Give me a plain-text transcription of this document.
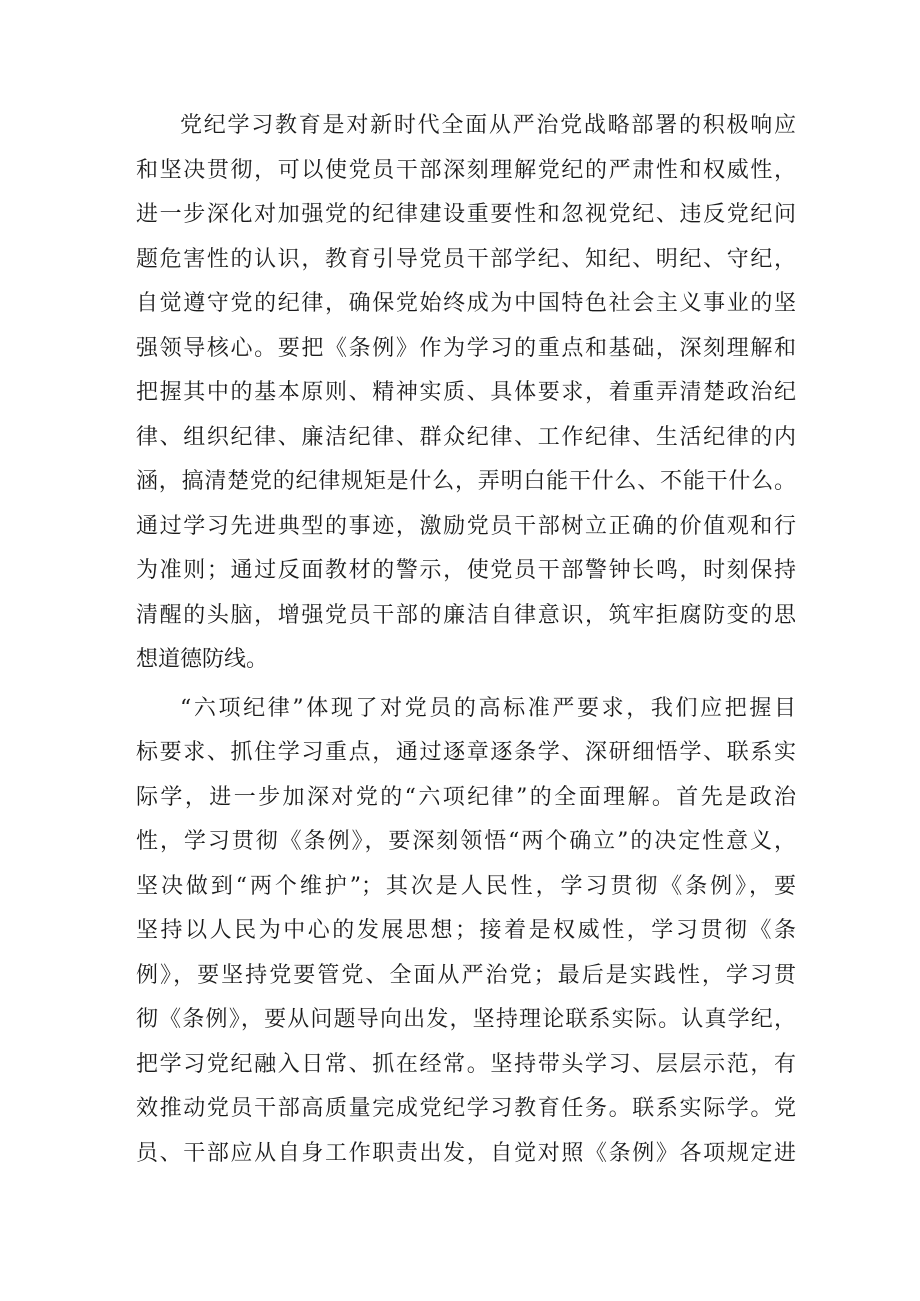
党纪学习教育是对新时代全面从严治党战略部署的积极响应
和坚决贯彻，可以使党员干部深刻理解党纪的严肃性和权威性，
进一步深化对加强党的纪律建设重要性和忽视党纪、违反党纪问
题危害性的认识，教育引导党员干部学纪、知纪、明纪、守纪，
自觉遵守党的纪律，确保党始终成为中国特色社会主义事业的坚
强领导核心。要把《条例》作为学习的重点和基础，深刻理解和
把握其中的基本原则、精神实质、具体要求，着重弄清楚政治纪
律、组织纪律、廉洁纪律、群众纪律、工作纪律、生活纪律的内
涵，搞清楚党的纪律规矩是什么，弄明白能干什么、不能干什么。
通过学习先进典型的事迹，激励党员干部树立正确的价值观和行
为准则；通过反面教材的警示，使党员干部警钟长鸣，时刻保持
清醒的头脑，增强党员干部的廉洁自律意识，筑牢拒腐防变的思
想道德防线。
“六项纪律”体现了对党员的高标准严要求，我们应把握目
标要求、抓住学习重点，通过逐章逐条学、深研细悟学、联系实
际学，进一步加深对党的“六项纪律”的全面理解。首先是政治
性，学习贯彻《条例》，要深刻领悟“两个确立”的决定性意义，
坚决做到“两个维护”；其次是人民性，学习贯彻《条例》，要
坚持以人民为中心的发展思想；接着是权威性，学习贯彻《条
例》，要坚持党要管党、全面从严治党；最后是实践性，学习贯
彻《条例》，要从问题导向出发，坚持理论联系实际。认真学纪，
把学习党纪融入日常、抓在经常。坚持带头学习、层层示范，有
效推动党员干部高质量完成党纪学习教育任务。联系实际学。党
员、干部应从自身工作职责出发，自觉对照《条例》各项规定进
